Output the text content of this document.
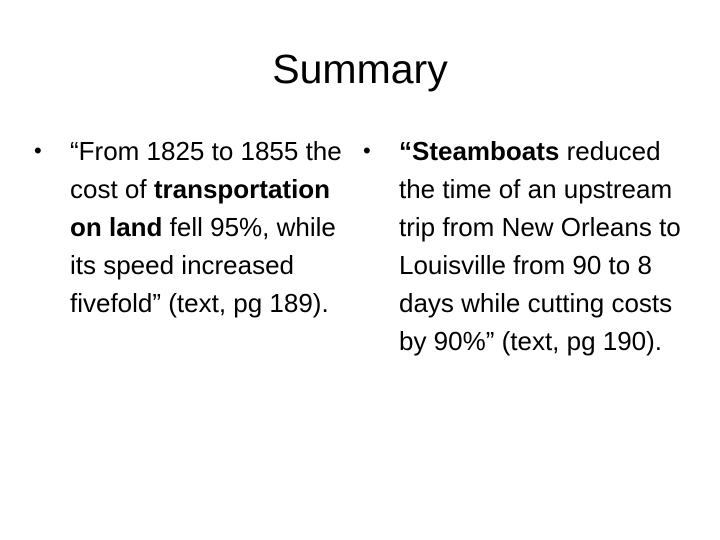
Summary
•	“From 1825 to 1855 the cost of transportation on land fell 95%, while its speed increased fivefold” (text, pg 189).
•	“Steamboats reduced the time of an upstream trip from New Orleans to Louisville from 90 to 8 days while cutting costs by 90%” (text, pg 190).
